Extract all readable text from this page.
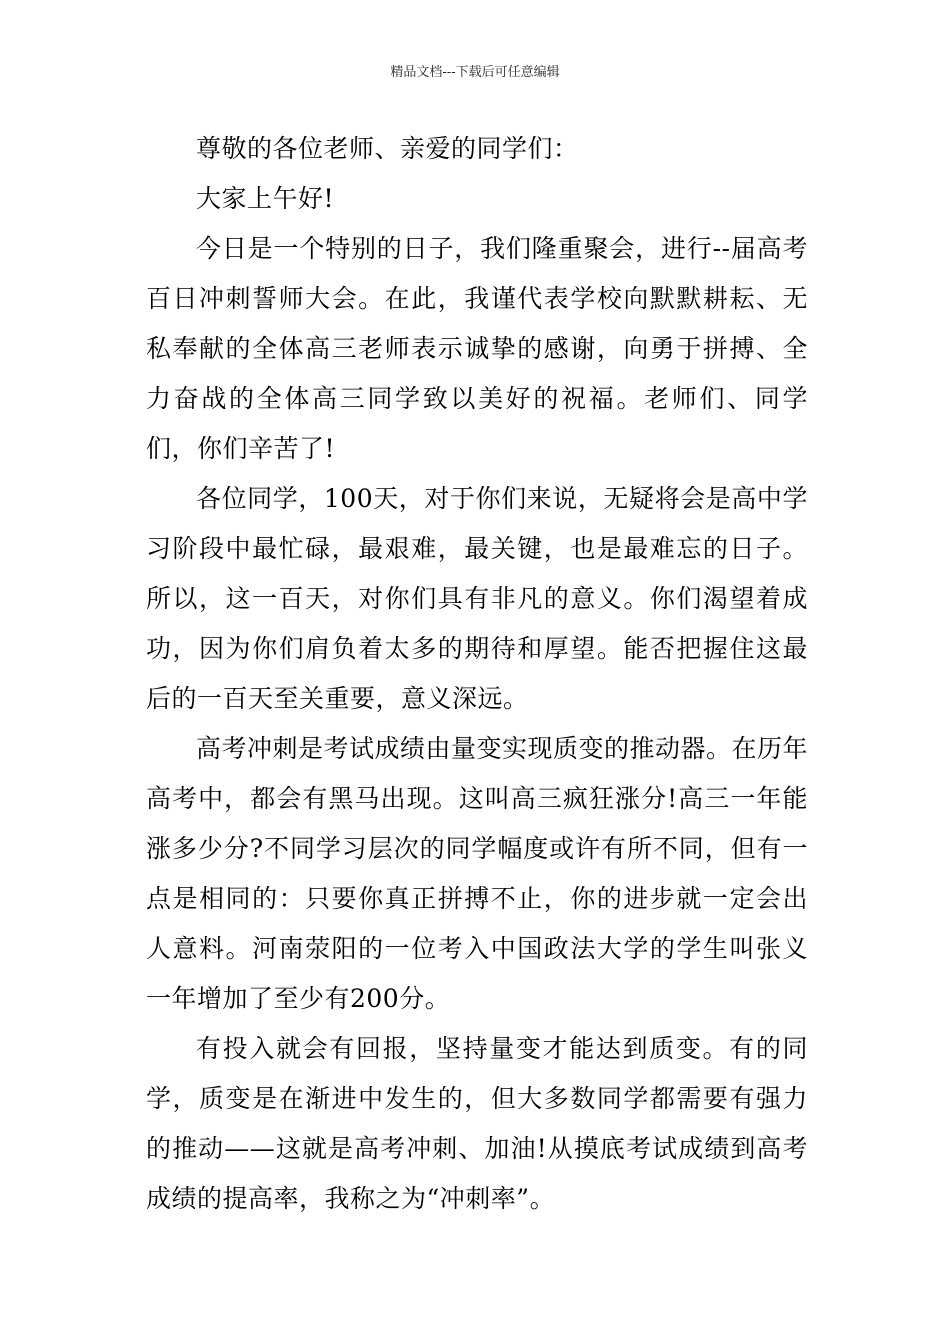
精品文档---下载后可任意编辑

尊敬的各位老师、亲爱的同学们：

大家上午好!

今日是一个特别的日子，我们隆重聚会，进行--届高考百日冲刺誓师大会。在此，我谨代表学校向默默耕耘、无私奉献的全体高三老师表示诚挚的感谢，向勇于拼搏、全力奋战的全体高三同学致以美好的祝福。老师们、同学们，你们辛苦了!

各位同学，100天，对于你们来说，无疑将会是高中学习阶段中最忙碌，最艰难，最关键，也是最难忘的日子。所以，这一百天，对你们具有非凡的意义。你们渴望着成功，因为你们肩负着太多的期待和厚望。能否把握住这最后的一百天至关重要，意义深远。

高考冲刺是考试成绩由量变实现质变的推动器。在历年高考中，都会有黑马出现。这叫高三疯狂涨分!高三一年能涨多少分?不同学习层次的同学幅度或许有所不同，但有一点是相同的：只要你真正拼搏不止，你的进步就一定会出人意料。河南荥阳的一位考入中国政法大学的学生叫张义一年增加了至少有200分。

有投入就会有回报，坚持量变才能达到质变。有的同学，质变是在渐进中发生的，但大多数同学都需要有强力的推动——这就是高考冲刺、加油!从摸底考试成绩到高考成绩的提高率，我称之为“冲刺率”。
